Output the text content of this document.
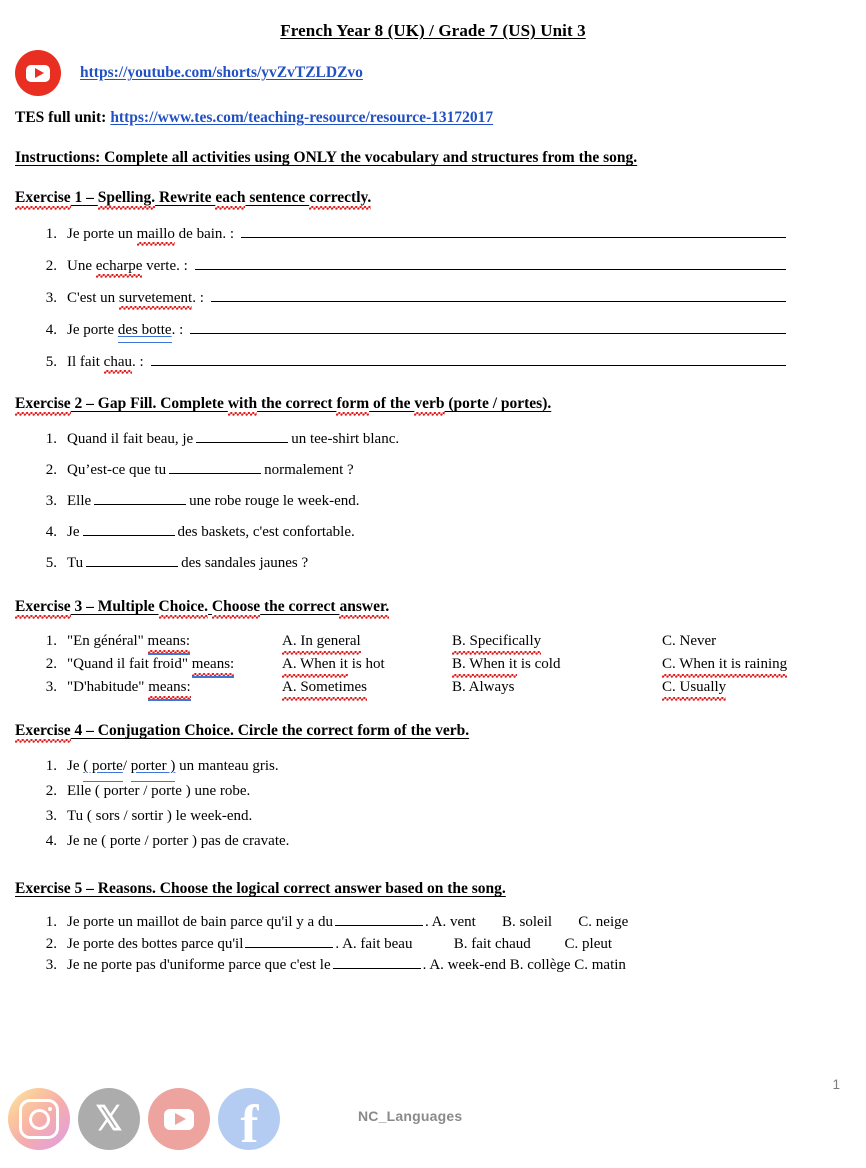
French Year 8 (UK) / Grade 7 (US) Unit 3
https://youtube.com/shorts/yvZvTZLDZvo
TES full unit: https://www.tes.com/teaching-resource/resource-13172017
Instructions: Complete all activities using ONLY the vocabulary and structures from the song.
Exercise 1 – Spelling. Rewrite each sentence correctly.
1. Je porte un maillo de bain. :
2. Une echarpe verte. :
3. C'est un survetement. :
4. Je porte des botte. :
5. Il fait chau. :
Exercise 2 – Gap Fill. Complete with the correct form of the verb (porte / portes).
1. Quand il fait beau, je	un tee-shirt blanc.
2. Qu’est-ce que tu	normalement ?
3. Elle	une robe rouge le week-end.
4. Je	des baskets, c'est confortable.
5. Tu	des sandales jaunes ?
Exercise 3 – Multiple Choice. Choose the correct answer.
1. "En général" means:	A. In general	B. Specifically	C. Never
2. "Quand il fait froid" means:	A. When it is hot	B. When it is cold	C. When it is raining
3. "D'habitude" means:	A. Sometimes	B. Always	C. Usually
Exercise 4 – Conjugation Choice. Circle the correct form of the verb.
1. Je ( porte/ porter ) un manteau gris.
2. Elle ( porter / porte ) une robe.
3. Tu ( sors / sortir ) le week-end.
4. Je ne ( porte / porter ) pas de cravate.
Exercise 5 – Reasons. Choose the logical correct answer based on the song.
1. Je porte un maillot de bain parce qu'il y a du	. A. vent   B. soleil   C. neige
2. Je porte des bottes parce qu'il	. A. fait beau    B. fait chaud   C. pleut
3. Je ne porte pas d'uniforme parce que c'est le	. A. week-end B. collège C. matin
𝕏 f	NC_Languages
1
